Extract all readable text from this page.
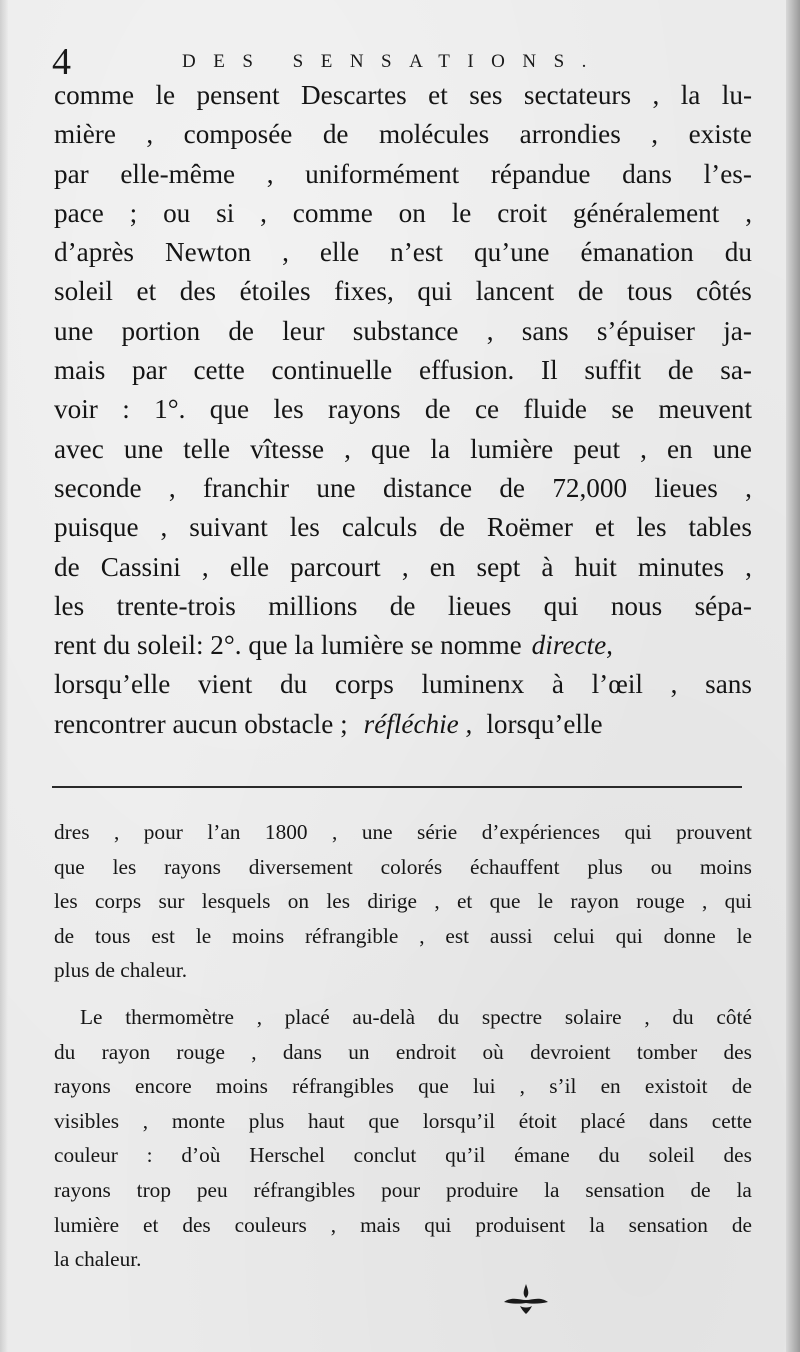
4	DES SENSATIONS.
comme le pensent Descartes et ses sectateurs , la lu-
mière , composée de molécules arrondies , existe
par elle-même , uniformément répandue dans l’es-
pace ; ou si , comme on le croit généralement ,
d’après Newton , elle n’est qu’une émanation du
soleil et des étoiles fixes, qui lancent de tous côtés
une portion de leur substance , sans s’épuiser ja-
mais par cette continuelle effusion. Il suffit de sa-
voir : 1°. que les rayons de ce fluide se meuvent
avec une telle vîtesse , que la lumière peut , en une
seconde , franchir une distance de 72,000 lieues ,
puisque , suivant les calculs de Roëmer et les tables
de Cassini , elle parcourt , en sept à huit minutes ,
les trente-trois millions de lieues qui nous sépa-
rent du soleil: 2°. que la lumière se nomme directe,
lorsqu’elle vient du corps luminenx à l’œil , sans
rencontrer aucun obstacle ; réfléchie , lorsqu’elle
dres , pour l’an 1800 , une série d’expériences qui prouvent
que les rayons diversement colorés échauffent plus ou moins
les corps sur lesquels on les dirige , et que le rayon rouge , qui
de tous est le moins réfrangible , est aussi celui qui donne le
plus de chaleur.
Le thermomètre , placé au-delà du spectre solaire , du côté
du rayon rouge , dans un endroit où devroient tomber des
rayons encore moins réfrangibles que lui , s’il en existoit de
visibles , monte plus haut que lorsqu’il étoit placé dans cette
couleur : d’où Herschel conclut qu’il émane du soleil des
rayons trop peu réfrangibles pour produire la sensation de la
lumière et des couleurs , mais qui produisent la sensation de
la chaleur.
